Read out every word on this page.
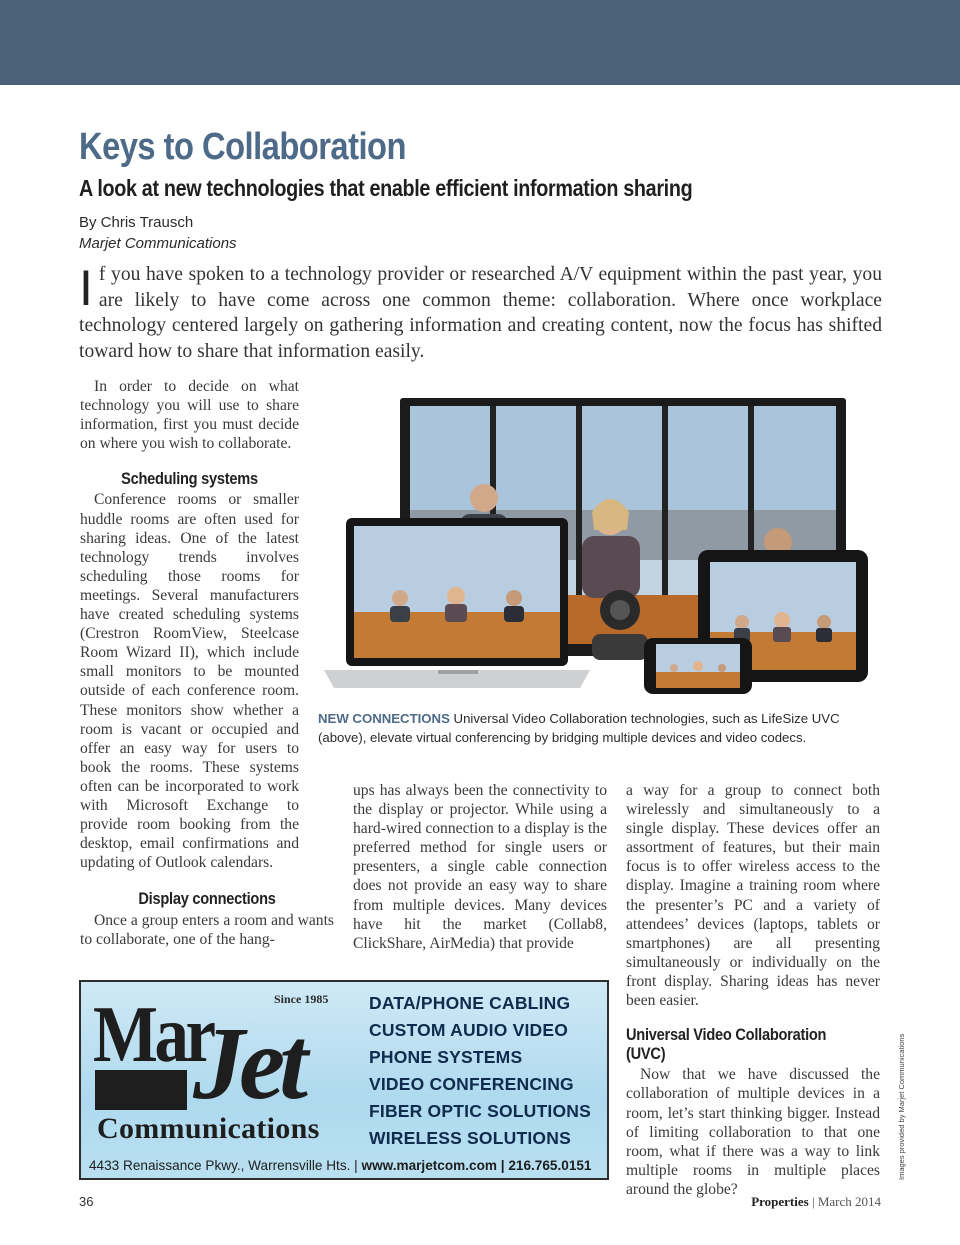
Keys to Collaboration
A look at new technologies that enable efficient information sharing
By Chris Trausch
Marjet Communications

If you have spoken to a technology provider or researched A/V equipment within the past year, you are likely to have come across one common theme: collaboration. Where once workplace technology centered largely on gathering information and creating content, now the focus has shifted toward how to share that information easily.

In order to decide on what technology you will use to share information, first you must decide on where you wish to collaborate.

Scheduling systems

Conference rooms or smaller huddle rooms are often used for sharing ideas. One of the latest technology trends involves scheduling those rooms for meetings. Several manufacturers have created scheduling systems (Crestron RoomView, Steelcase Room Wizard II), which include small monitors to be mounted outside of each conference room. These monitors show whether a room is vacant or occupied and offer an easy way for users to book the rooms. These systems often can be incorporated to work with Microsoft Exchange to provide room booking from the desktop, email confirmations and updating of Outlook calendars.

Display connections

Once a group enters a room and wants to collaborate, one of the hang-

NEW CONNECTIONS Universal Video Collaboration technologies, such as LifeSize UVC (above), elevate virtual conferencing by bridging multiple devices and video codecs.

ups has always been the connectivity to the display or projector. While using a hard-wired connection to a display is the preferred method for single users or presenters, a single cable connection does not provide an easy way to share from multiple devices. Many devices have hit the market (Collab8, ClickShare, AirMedia) that provide

a way for a group to connect both wirelessly and simultaneously to a single display. These devices offer an assortment of features, but their main focus is to offer wireless access to the display. Imagine a training room where the presenter’s PC and a variety of attendees’ devices (laptops, tablets or smartphones) are all presenting simultaneously or individually on the front display. Sharing ideas has never been easier.

Universal Video Collaboration (UVC)

Now that we have discussed the collaboration of multiple devices in a room, let’s start thinking bigger. Instead of limiting collaboration to that one room, what if there was a way to link multiple rooms in multiple places around the globe?

Since 1985
Mar
Jet
Communications
DATA/PHONE CABLING
CUSTOM AUDIO VIDEO
PHONE SYSTEMS
VIDEO CONFERENCING
FIBER OPTIC SOLUTIONS
WIRELESS SOLUTIONS
4433 Renaissance Pkwy., Warrensville Hts. | www.marjetcom.com | 216.765.0151
36	Properties | March 2014
Images provided by Marjet Communications
